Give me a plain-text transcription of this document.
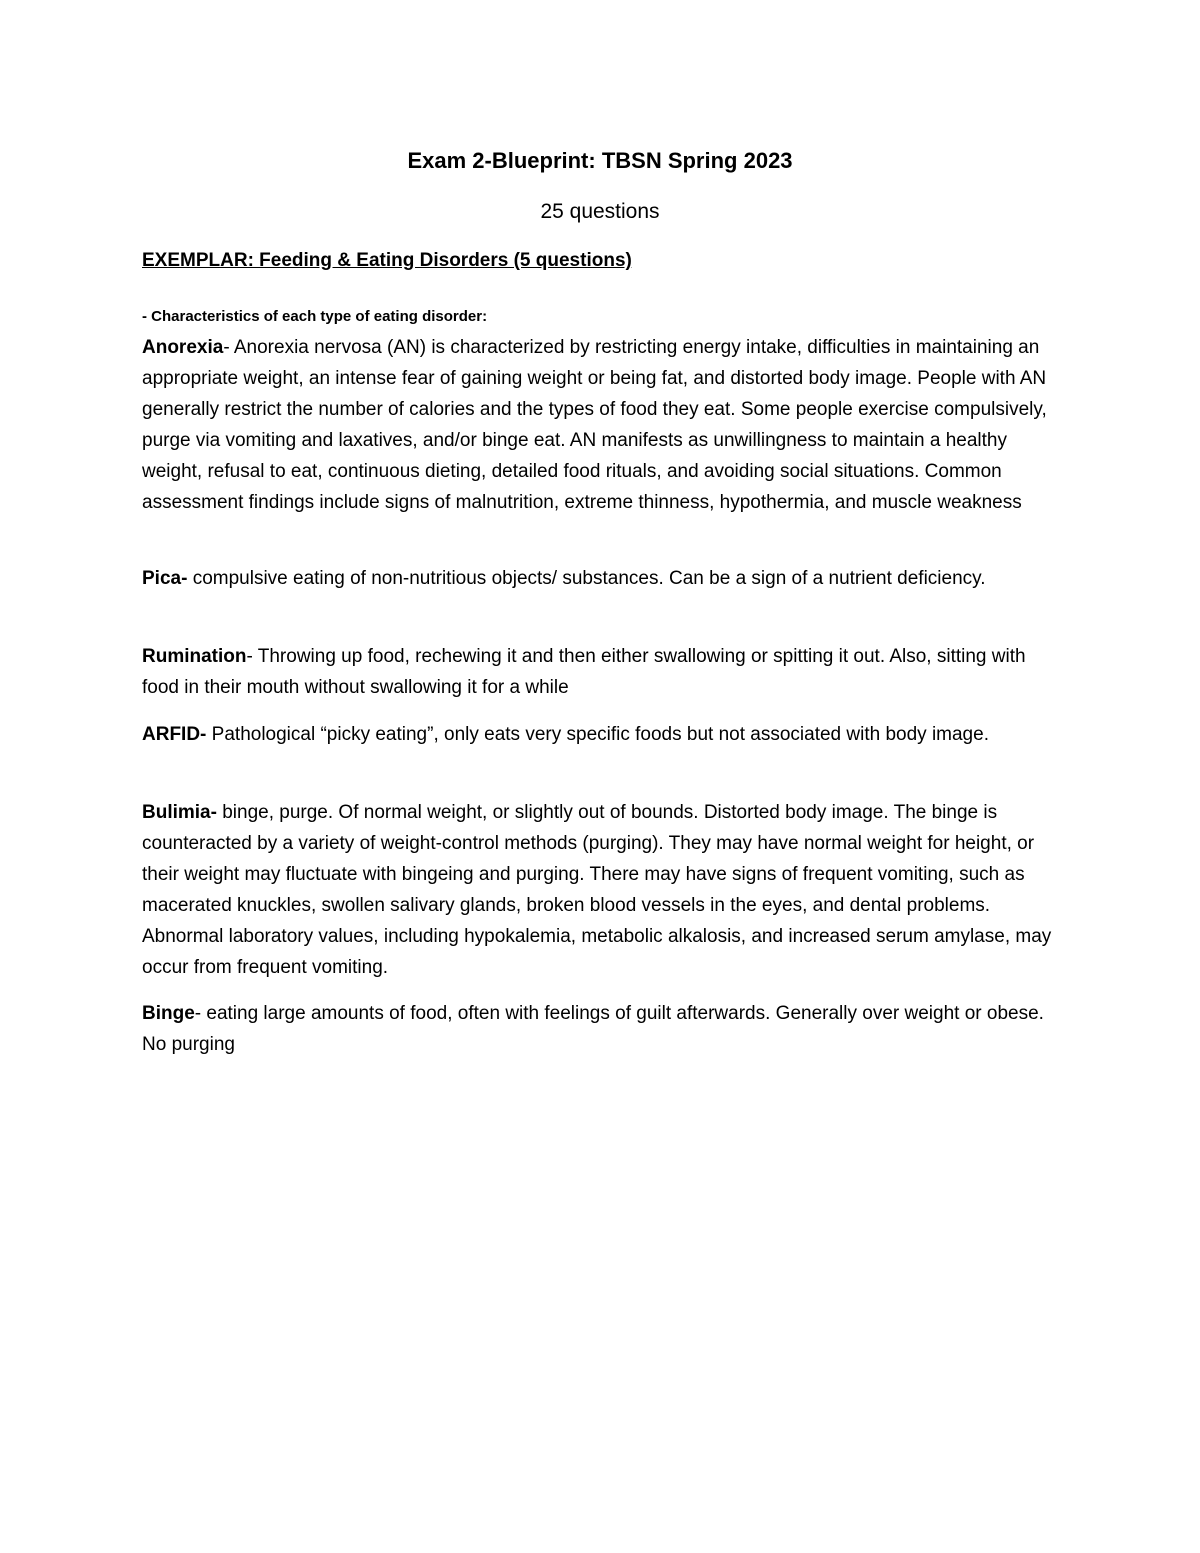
Exam 2-Blueprint: TBSN Spring 2023

25 questions

EXEMPLAR: Feeding & Eating Disorders (5 questions)

- Characteristics of each type of eating disorder:

Anorexia- Anorexia nervosa (AN) is characterized by restricting energy intake, difficulties in maintaining an appropriate weight, an intense fear of gaining weight or being fat, and distorted body image. People with AN generally restrict the number of calories and the types of food they eat. Some people exercise compulsively, purge via vomiting and laxatives, and/or binge eat. AN manifests as unwillingness to maintain a healthy weight, refusal to eat, continuous dieting, detailed food rituals, and avoiding social situations. Common assessment findings include signs of malnutrition, extreme thinness, hypothermia, and muscle weakness

Pica- compulsive eating of non-nutritious objects/ substances. Can be a sign of a nutrient deficiency.

Rumination- Throwing up food, rechewing it and then either swallowing or spitting it out. Also, sitting with food in their mouth without swallowing it for a while

ARFID- Pathological “picky eating”, only eats very specific foods but not associated with body image.

Bulimia- binge, purge. Of normal weight, or slightly out of bounds. Distorted body image. The binge is counteracted by a variety of weight-control methods (purging). They may have normal weight for height, or their weight may fluctuate with bingeing and purging. There may have signs of frequent vomiting, such as macerated knuckles, swollen salivary glands, broken blood vessels in the eyes, and dental problems. Abnormal laboratory values, including hypokalemia, metabolic alkalosis, and increased serum amylase, may occur from frequent vomiting.

Binge- eating large amounts of food, often with feelings of guilt afterwards. Generally over weight or obese. No purging
